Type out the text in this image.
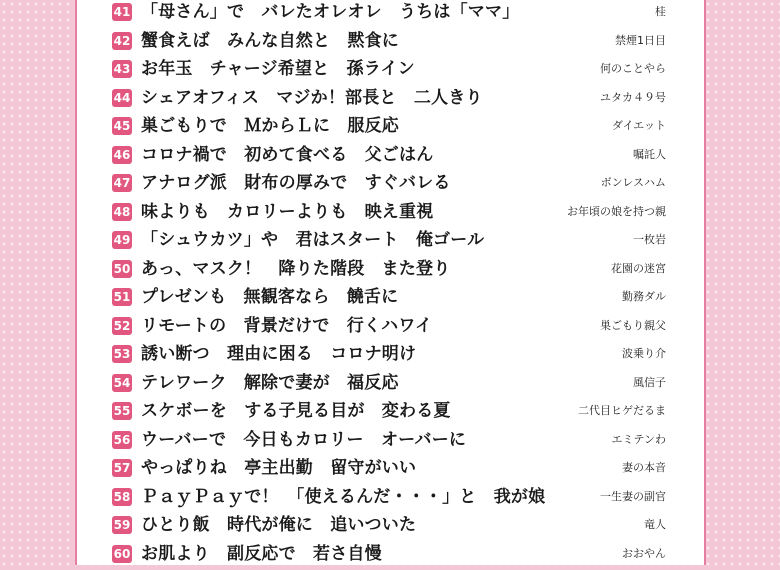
41 「母さん」で　バレたオレオレ　うちは「ママ」	桂
42 蟹食えば　みんな自然と　黙食に	禁煙1日目
43 お年玉　チャージ希望と　孫ライン	何のことやら
44 シェアオフィス　マジか！部長と　二人きり	ユタカ４９号
45 巣ごもりで　ＭからＬに　服反応	ダイエット
46 コロナ禍で　初めて食べる　父ごはん	嘱託人
47 アナログ派　財布の厚みで　すぐバレる	ボンレスハム
48 味よりも　カロリーよりも　映え重視	お年頃の娘を持つ親
49 「シュウカツ」や　君はスタート　俺ゴール	一枚岩
50 あっ、マスク！　降りた階段　また登り	花園の迷宮
51 プレゼンも　無観客なら　饒舌に	勤務ダル
52 リモートの　背景だけで　行くハワイ	巣ごもり親父
53 誘い断つ　理由に困る　コロナ明け	波乗り介
54 テレワーク　解除で妻が　福反応	風信子
55 スケボーを　する子見る目が　変わる夏	二代目ヒゲだるま
56 ウーバーで　今日もカロリー　オーバーに	エミテンわ
57 やっぱりね　亭主出勤　留守がいい	妻の本音
58 ＰａｙＰａｙで！　「使えるんだ・・・」と　我が娘	一生妻の副官
59 ひとり飯　時代が俺に　追いついた	竜人
60 お肌より　副反応で　若さ自慢	おおやん
